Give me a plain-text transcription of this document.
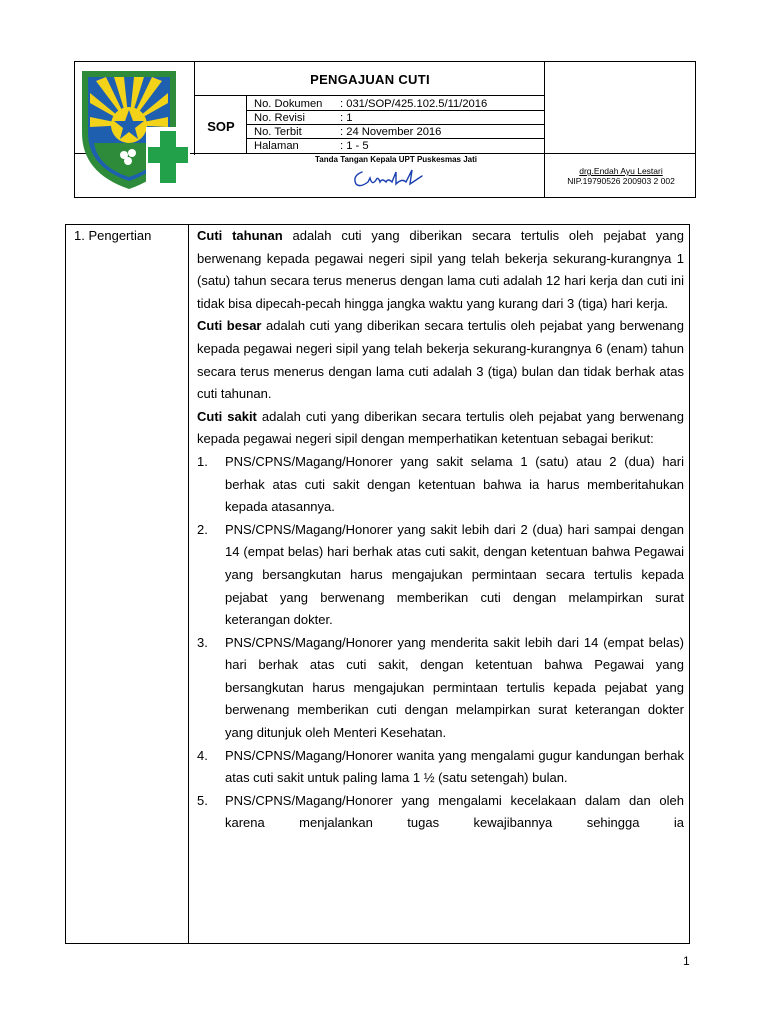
PENGAJUAN CUTI
SOP
No. Dokumen	: 031/SOP/425.102.5/11/2016
No. Revisi	: 1
No. Terbit	: 24 November 2016
Halaman	: 1 - 5
Tanda Tangan Kepala UPT Puskesmas Jati
drg.Endah Ayu Lestari
NIP.19790526 200903 2 002
1. Pengertian	Cuti tahunan adalah cuti yang diberikan secara tertulis oleh pejabat yang berwenang kepada pegawai negeri sipil yang telah bekerja sekurang-kurangnya 1 (satu) tahun secara terus menerus dengan lama cuti adalah 12 hari kerja dan cuti ini tidak bisa dipecah-pecah hingga jangka waktu yang kurang dari 3 (tiga) hari kerja.

Cuti besar adalah cuti yang diberikan secara tertulis oleh pejabat yang berwenang kepada pegawai negeri sipil yang telah bekerja sekurang-kurangnya 6 (enam) tahun secara terus menerus dengan lama cuti adalah 3 (tiga) bulan dan tidak berhak atas cuti tahunan.

Cuti sakit adalah cuti yang diberikan secara tertulis oleh pejabat yang berwenang kepada pegawai negeri sipil dengan memperhatikan ketentuan sebagai berikut:

1.	PNS/CPNS/Magang/Honorer yang sakit selama 1 (satu) atau 2 (dua) hari berhak atas cuti sakit dengan ketentuan bahwa ia harus memberitahukan kepada atasannya.
2.	PNS/CPNS/Magang/Honorer yang sakit lebih dari 2 (dua) hari sampai dengan 14 (empat belas) hari berhak atas cuti sakit, dengan ketentuan bahwa Pegawai yang bersangkutan harus mengajukan permintaan secara tertulis kepada pejabat yang berwenang memberikan cuti dengan melampirkan surat keterangan dokter.
3.	PNS/CPNS/Magang/Honorer yang menderita sakit lebih dari 14 (empat belas) hari berhak atas cuti sakit, dengan ketentuan bahwa Pegawai yang bersangkutan harus mengajukan permintaan tertulis kepada pejabat yang berwenang memberikan cuti dengan melampirkan surat keterangan dokter yang ditunjuk oleh Menteri Kesehatan.
4.	PNS/CPNS/Magang/Honorer wanita yang mengalami gugur kandungan berhak atas cuti sakit untuk paling lama 1 ½ (satu setengah) bulan.
5.	PNS/CPNS/Magang/Honorer yang mengalami kecelakaan dalam dan oleh karena menjalankan tugas kewajibannya sehingga ia
1
